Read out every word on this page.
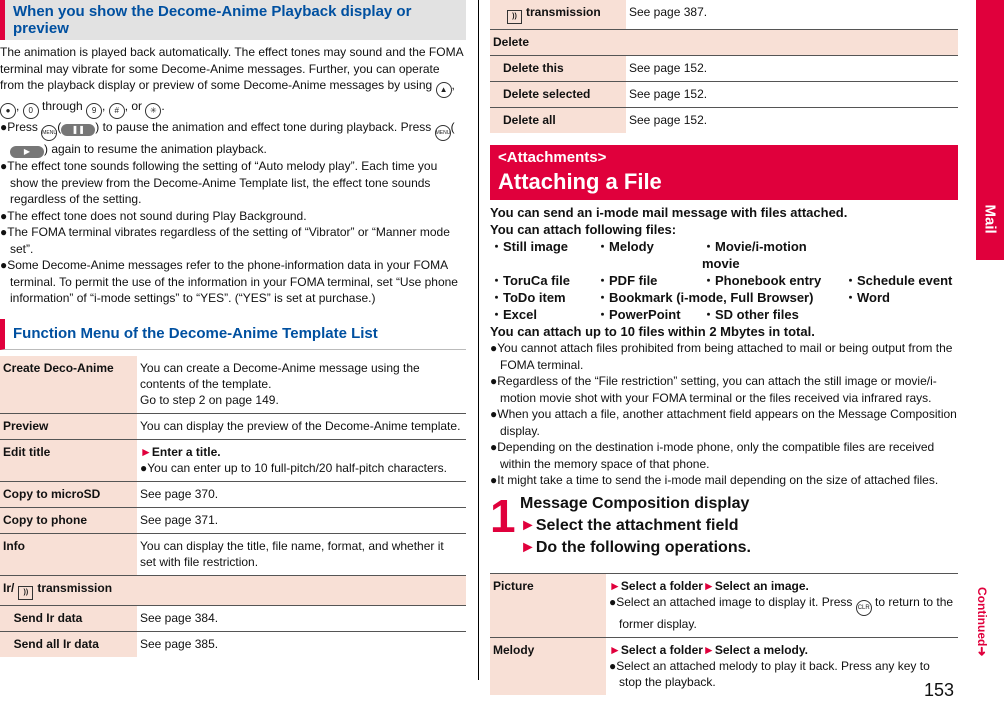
When you show the Decome-Anime Playback display or preview

The animation is played back automatically. The effect tones may sound and the FOMA terminal may vibrate for some Decome-Anime messages. Further, you can operate from the playback display or preview of some Decome-Anime messages by using ▲ , ● , 0 through 9 , # , or ✳ .

●Press MENU( ❚❚ ) to pause the animation and effect tone during playback. Press MENU(▶ ) again to resume the animation playback.

●The effect tone sounds following the setting of “Auto melody play”. Each time you show the preview from the Decome-Anime Template list, the effect tone sounds regardless of the setting.

●The effect tone does not sound during Play Background.

●The FOMA terminal vibrates regardless of the setting of “Vibrator” or “Manner mode set”.

●Some Decome-Anime messages refer to the phone-information data in your FOMA terminal. To permit the use of the information in your FOMA terminal, set “Use phone information” of “i-mode settings” to “YES”. (“YES” is set at purchase.)

Function Menu of the Decome-Anime Template List
Create Deco-Anime		You can create a Decome-Anime message using the contents of the template.
Go to step 2 on page 149.

Preview		You can display the preview of the Decome-Anime template.
Edit title		►Enter a title.
●You can enter up to 10 full-pitch/20 half-pitch characters.

Copy to microSD		See page 370.
Copy to phone		See page 371.
Info		You can display the title, file name, format, and whether it set with file restriction.
Ir/ )) transmission		
	Send Ir data	See page 384.
	Send all Ir data	See page 385.
	)) transmission	See page 387.
Delete		
	Delete this	See page 152.
	Delete selected	See page 152.
	Delete all	See page 152.
<Attachments>
Attaching a File
You can send an i-mode mail message with files attached.
You can attach following files:
・Still image	・Melody	・Movie/i-motion movie
・ToruCa file	・PDF file	・Phonebook entry	・Schedule event
・ToDo item	・Bookmark (i-mode, Full Browser)	・Word
・Excel	・PowerPoint	・SD other files
You can attach up to 10 files within 2 Mbytes in total.

●You cannot attach files prohibited from being attached to mail or being output from the FOMA terminal.

●Regardless of the “File restriction” setting, you can attach the still image or movie/i-motion movie shot with your FOMA terminal or the files received via infrared rays.

●When you attach a file, another attachment field appears on the Message Composition display.

●Depending on the destination i-mode phone, only the compatible files are received within the memory space of that phone.

●It might take a time to send the i-mode mail depending on the size of attached files.

1 Message Composition display
►Select the attachment field
►Do the following operations.
Picture	►Select a folder►Select an image.
●Select an attached image to display it. Press CLR to return to the former display.

Melody	►Select a folder►Select a melody.
●Select an attached melody to play it back. Press any key to stop the playback.
Mail
Continued➜
153
